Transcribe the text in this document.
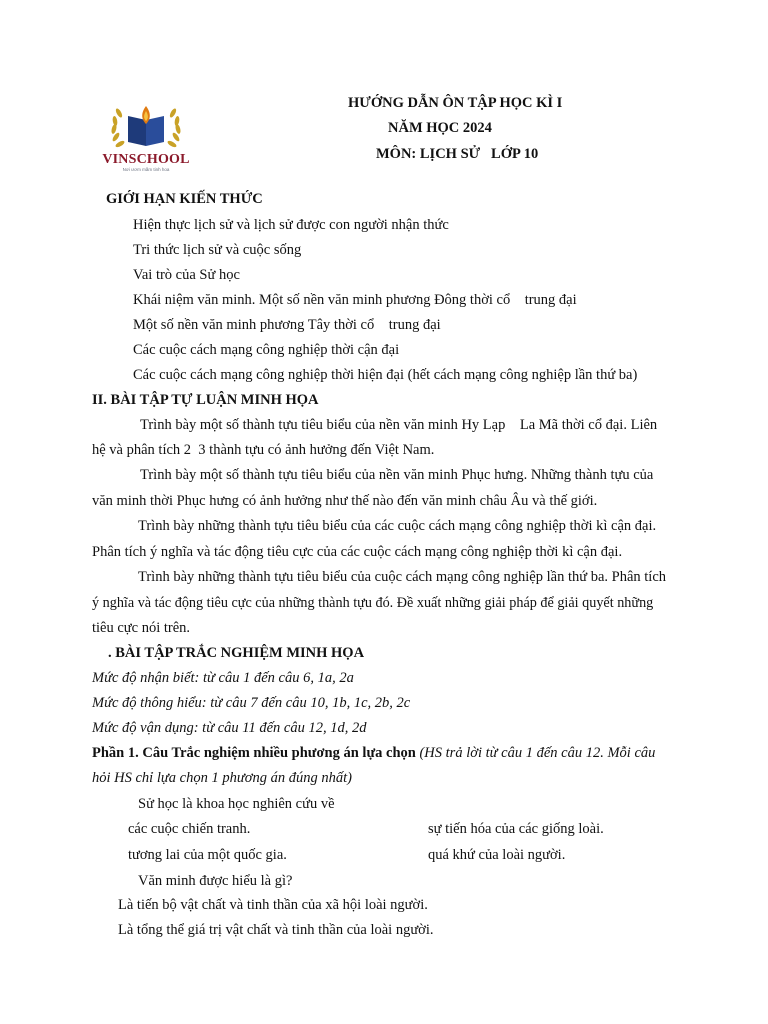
VINSCHOOL
Nơi ươm mầm tinh hoa
HƯỚNG DẪN ÔN TẬP HỌC KÌ I
NĂM HỌC 2024
MÔN: LỊCH SỬ   LỚP 10
GIỚI HẠN KIẾN THỨC
Hiện thực lịch sử và lịch sử được con người nhận thức
Tri thức lịch sử và cuộc sống
Vai trò của Sử học
Khái niệm văn minh. Một số nền văn minh phương Đông thời cổ    trung đại
Một số nền văn minh phương Tây thời cổ    trung đại
Các cuộc cách mạng công nghiệp thời cận đại
Các cuộc cách mạng công nghiệp thời hiện đại (hết cách mạng công nghiệp lần thứ ba)
II. BÀI TẬP TỰ LUẬN MINH HỌA
Trình bày một số thành tựu tiêu biểu của nền văn minh Hy Lạp    La Mã thời cổ đại. Liên
hệ và phân tích 2  3 thành tựu có ảnh hưởng đến Việt Nam.
Trình bày một số thành tựu tiêu biểu của nền văn minh Phục hưng. Những thành tựu của
văn minh thời Phục hưng có ảnh hưởng như thế nào đến văn minh châu Âu và thế giới.
Trình bày những thành tựu tiêu biểu của các cuộc cách mạng công nghiệp thời kì cận đại.
Phân tích ý nghĩa và tác động tiêu cực của các cuộc cách mạng công nghiệp thời kì cận đại.
Trình bày những thành tựu tiêu biểu của cuộc cách mạng công nghiệp lần thứ ba. Phân tích
ý nghĩa và tác động tiêu cực của những thành tựu đó. Đề xuất những giải pháp để giải quyết những
tiêu cực nói trên.
. BÀI TẬP TRẮC NGHIỆM MINH HỌA
Mức độ nhận biết: từ câu 1 đến câu 6, 1a, 2a
Mức độ thông hiểu: từ câu 7 đến câu 10, 1b, 1c, 2b, 2c
Mức độ vận dụng: từ câu 11 đến câu 12, 1d, 2d
Phần 1. Câu Trắc nghiệm nhiều phương án lựa chọn (HS trả lời từ câu 1 đến câu 12. Mỗi câu
hỏi HS chỉ lựa chọn 1 phương án đúng nhất)
Sử học là khoa học nghiên cứu về
các cuộc chiến tranh.	sự tiến hóa của các giống loài.
tương lai của một quốc gia.	quá khứ của loài người.
Văn minh được hiểu là gì?
Là tiến bộ vật chất và tinh thần của xã hội loài người.
Là tổng thể giá trị vật chất và tinh thần của loài người.
